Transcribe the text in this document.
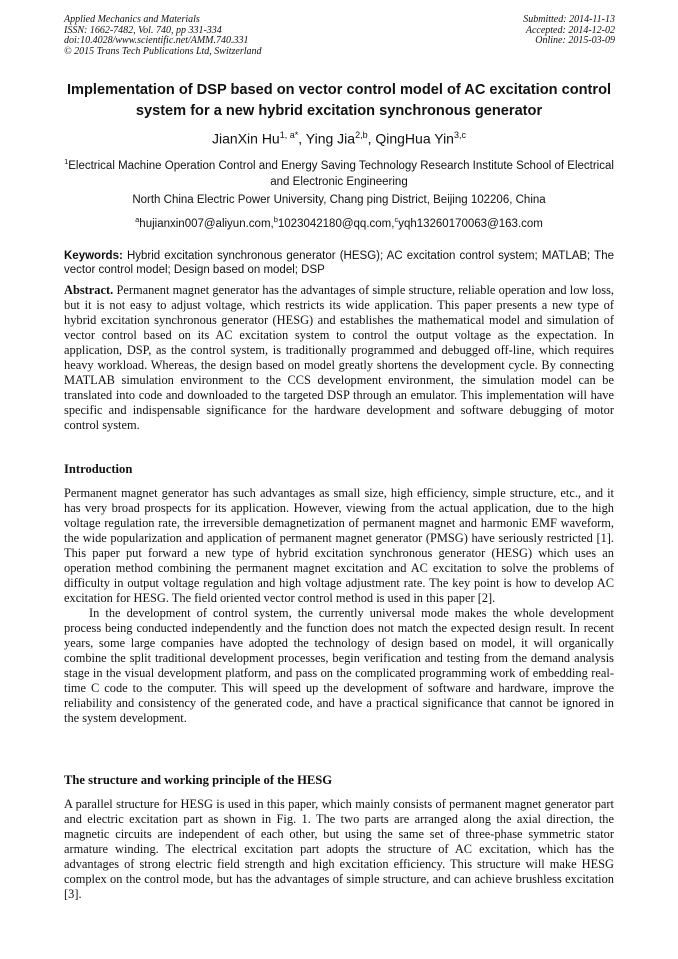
Applied Mechanics and Materials
ISSN: 1662-7482, Vol. 740, pp 331-334
doi:10.4028/www.scientific.net/AMM.740.331
© 2015 Trans Tech Publications Ltd, Switzerland
Submitted: 2014-11-13
Accepted: 2014-12-02
Online: 2015-03-09
Implementation of DSP based on vector control model of AC excitation control system for a new hybrid excitation synchronous generator
JianXin $Hu^{1, a*}$, Ying Jia$^{2,b}$, QingHua Yin$^{3,c}$
$^1$Electrical Machine Operation Control and Energy Saving Technology Research Institute School of Electrical and Electronic Engineering
North China Electric Power University, Chang ping District, Beijing 102206, China
$^a$hujianxin007@aliyun.com,$^b$1023042180@qq.com,$^c$yqh13260170063@163.com
Keywords: Hybrid excitation synchronous generator (HESG); AC excitation control system; MATLAB; The vector control model; Design based on model; DSP

Abstract. Permanent magnet generator has the advantages of simple structure, reliable operation and low loss, but it is not easy to adjust voltage, which restricts its wide application. This paper presents a new type of hybrid excitation synchronous generator (HESG) and establishes the mathematical model and simulation of vector control based on its AC excitation system to control the output voltage as the expectation. In application, DSP, as the control system, is traditionally programmed and debugged off-line, which requires heavy workload. Whereas, the design based on model greatly shortens the development cycle. By connecting MATLAB simulation environment to the CCS development environment, the simulation model can be translated into code and downloaded to the targeted DSP through an emulator. This implementation will have specific and indispensable significance for the hardware development and software debugging of motor control system.

Introduction

Permanent magnet generator has such advantages as small size, high efficiency, simple structure, etc., and it has very broad prospects for its application. However, viewing from the actual application, due to the high voltage regulation rate, the irreversible demagnetization of permanent magnet and harmonic EMF waveform, the wide popularization and application of permanent magnet generator (PMSG) have seriously restricted [1]. This paper put forward a new type of hybrid excitation synchronous generator (HESG) which uses an operation method combining the permanent magnet excitation and AC excitation to solve the problems of difficulty in output voltage regulation and high voltage adjustment rate. The key point is how to develop AC excitation for HESG. The field oriented vector control method is used in this paper [2].

In the development of control system, the currently universal mode makes the whole development process being conducted independently and the function does not match the expected design result. In recent years, some large companies have adopted the technology of design based on model, it will organically combine the split traditional development processes, begin verification and testing from the demand analysis stage in the visual development platform, and pass on the complicated programming work of embedding real-time C code to the computer. This will speed up the development of software and hardware, improve the reliability and consistency of the generated code, and have a practical significance that cannot be ignored in the system development.

The structure and working principle of the HESG

A parallel structure for HESG is used in this paper, which mainly consists of permanent magnet generator part and electric excitation part as shown in Fig. 1. The two parts are arranged along the axial direction, the magnetic circuits are independent of each other, but using the same set of three-phase symmetric stator armature winding. The electrical excitation part adopts the structure of AC excitation, which has the advantages of strong electric field strength and high excitation efficiency. This structure will make HESG complex on the control mode, but has the advantages of simple structure, and can achieve brushless excitation [3].
